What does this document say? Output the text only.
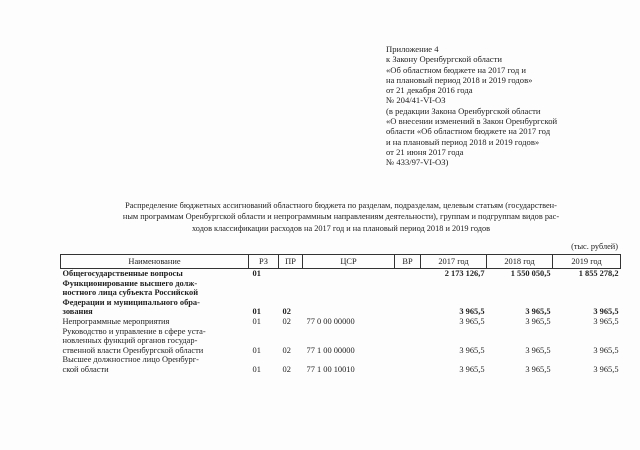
Приложение 4
к Закону Оренбургской области
«Об областном бюджете на 2017 год и
на плановый период 2018 и 2019 годов»
от 21 декабря 2016 года
№ 204/41-VI-ОЗ
(в редакции Закона Оренбургской области
«О внесении изменений в Закон Оренбургской
области «Об областном бюджете на 2017 год
и на плановый период 2018 и 2019 годов»
от 21 июня 2017 года
№ 433/97-VI-ОЗ)
Распределение бюджетных ассигнований областного бюджета по разделам, подразделам, целевым статьям (государствен-
ным программам Оренбургской области и непрограммным направлениям деятельности), группам и подгруппам видов рас-
ходов классификации расходов на 2017 год и на плановый период 2018 и 2019 годов
(тыс. рублей)
Наименование	РЗ	ПР	ЦСР	ВР	2017 год	2018 год	2019 год

Общегосударственные вопросы	01				2 173 126,7	1 550 050,5	1 855 278,2

Функционирование высшего долж-
ностного лица субъекта Российской
Федерации и муниципального обра-
зования	01	02			3 965,5	3 965,5	3 965,5

Непрограммные мероприятия	01	02	77 0 00 00000		3 965,5	3 965,5	3 965,5

Руководство и управление в сфере уста-
новленных функций органов государ-
ственной власти Оренбургской области	01	02	77 1 00 00000		3 965,5	3 965,5	3 965,5

Высшее должностное лицо Оренбург-
ской области	01	02	77 1 00 10010		3 965,5	3 965,5	3 965,5
